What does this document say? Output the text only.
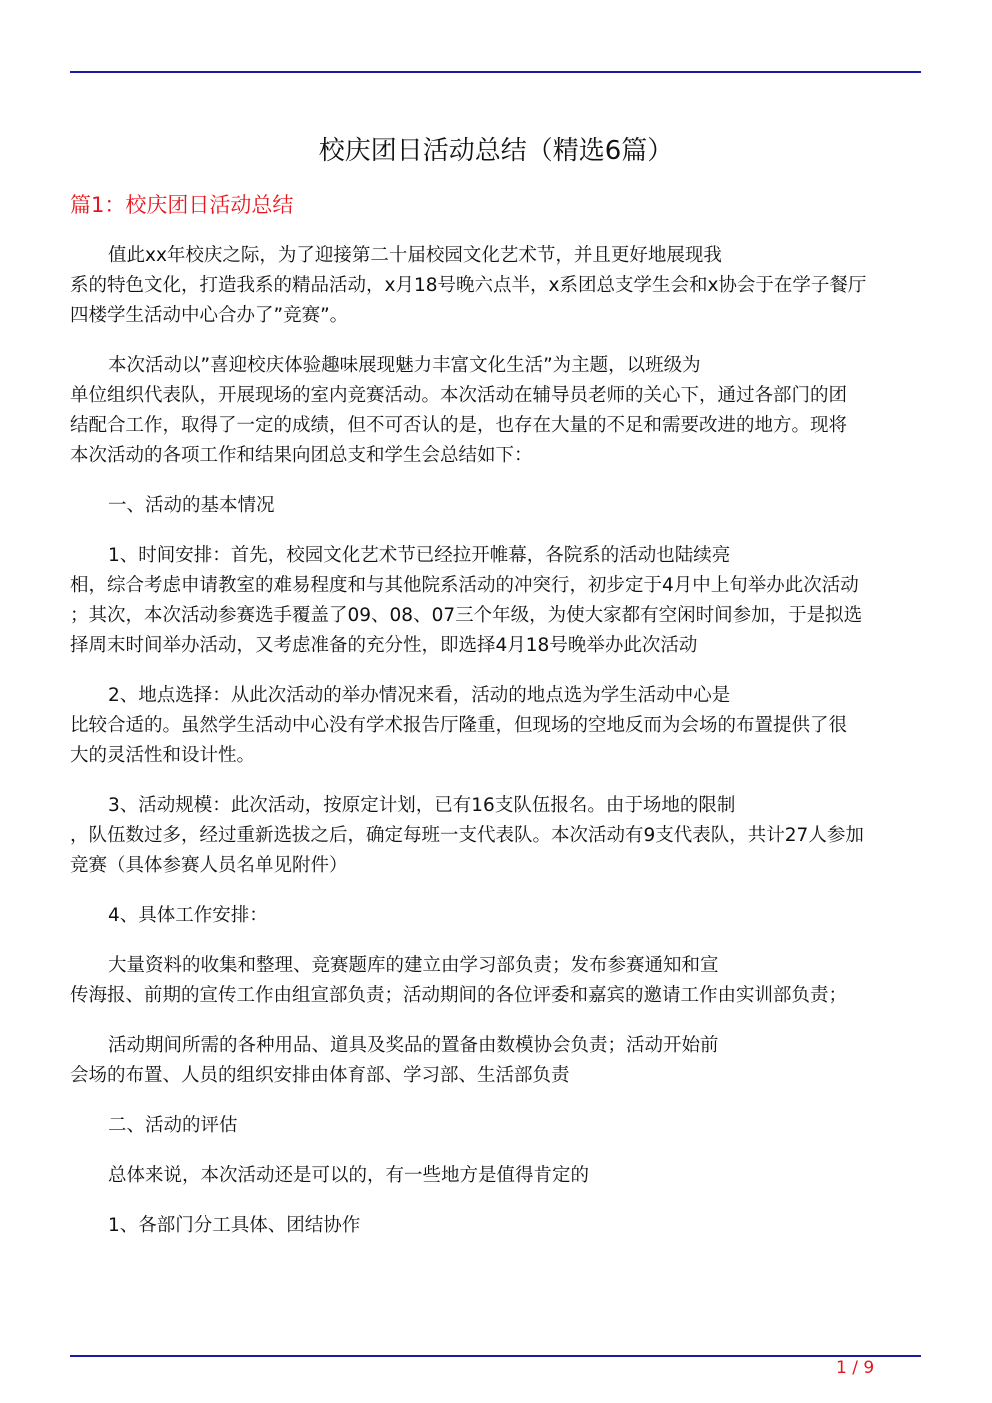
校庆团日活动总结（精选6篇）
篇1：校庆团日活动总结
值此xx年校庆之际，为了迎接第二十届校园文化艺术节，并且更好地展现我
系的特色文化，打造我系的精品活动，x月18号晚六点半，x系团总支学生会和x协会于在学子餐厅
四楼学生活动中心合办了”竞赛”。
本次活动以”喜迎校庆体验趣味展现魅力丰富文化生活”为主题，以班级为
单位组织代表队，开展现场的室内竞赛活动。本次活动在辅导员老师的关心下，通过各部门的团
结配合工作，取得了一定的成绩，但不可否认的是，也存在大量的不足和需要改进的地方。现将
本次活动的各项工作和结果向团总支和学生会总结如下：
一、活动的基本情况
1、时间安排：首先，校园文化艺术节已经拉开帷幕，各院系的活动也陆续亮
相，综合考虑申请教室的难易程度和与其他院系活动的冲突行，初步定于4月中上旬举办此次活动
；其次，本次活动参赛选手覆盖了09、08、07三个年级，为使大家都有空闲时间参加，于是拟选
择周末时间举办活动，又考虑准备的充分性，即选择4月18号晚举办此次活动
2、地点选择：从此次活动的举办情况来看，活动的地点选为学生活动中心是
比较合适的。虽然学生活动中心没有学术报告厅隆重，但现场的空地反而为会场的布置提供了很
大的灵活性和设计性。
3、活动规模：此次活动，按原定计划，已有16支队伍报名。由于场地的限制
，队伍数过多，经过重新选拔之后，确定每班一支代表队。本次活动有9支代表队，共计27人参加
竞赛（具体参赛人员名单见附件）
4、具体工作安排：
大量资料的收集和整理、竞赛题库的建立由学习部负责；发布参赛通知和宣
传海报、前期的宣传工作由组宣部负责；活动期间的各位评委和嘉宾的邀请工作由实训部负责；
活动期间所需的各种用品、道具及奖品的置备由数模协会负责；活动开始前
会场的布置、人员的组织安排由体育部、学习部、生活部负责
二、活动的评估
总体来说，本次活动还是可以的，有一些地方是值得肯定的
1、各部门分工具体、团结协作
1 / 9
